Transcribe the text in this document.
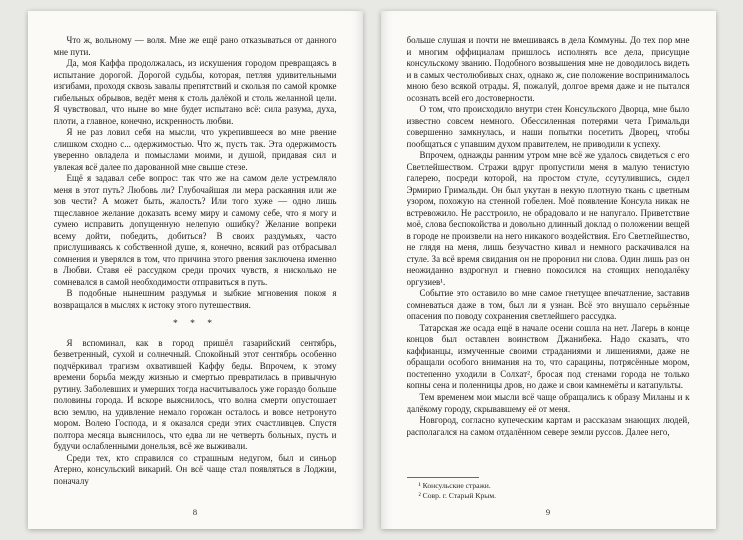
Что ж, вольному — воля. Мне же ещё рано отказываться от данного мне пути.

Да, моя Каффа продолжалась, из искушения городом превращаясь в испытание дорогой. Дорогой судьбы, которая, петляя удивительными изгибами, проходя сквозь завалы препятствий и скользя по самой кромке гибельных обрывов, ведёт меня к столь далёкой и столь желанной цели. Я чувствовал, что ныне во мне будет испытано всё: сила разума, духа, плоти, а главное, конечно, искренность любви.

Я не раз ловил себя на мысли, что укрепившееся во мне рвение слишком сходно с... одержимостью. Что ж, пусть так. Эта одержимость уверенно овладела и помыслами моими, и душой, придавая сил и увлекая всё далее по дарованной мне свыше стезе.

Ещё я задавал себе вопрос: так что же на самом деле устремляло меня в этот путь? Любовь ли? Глубочайшая ли мера раскаяния или же зов чести? А может быть, жалость? Или того хуже — одно лишь тщеславное желание доказать всему миру и самому себе, что я могу и сумею исправить допущенную нелепую ошибку? Желание вопреки всему дойти, победить, добиться? В своих раздумьях, часто прислушиваясь к собственной душе, я, конечно, всякий раз отбрасывал сомнения и уверялся в том, что причина этого рвения заключена именно в Любви. Ставя её рассудком среди прочих чувств, я нисколько не сомневался в самой необходимости отправиться в путь.

В подобные нынешним раздумья и зыбкие мгновения покоя я возвращался в мыслях к истоку этого путешествия.

* * *

Я вспоминал, как в город пришёл газарийский сентябрь, безветренный, сухой и солнечный. Спокойный этот сентябрь особенно подчёркивал трагизм охватившей Каффу беды. Впрочем, к этому времени борьба между жизнью и смертью превратилась в привычную рутину. Заболевших и умерших тогда насчитывалось уже гораздо больше половины города. И вскоре выяснилось, что волна смерти опустошает всю землю, на удивление немало горожан осталось и вовсе нетронуто мором. Волею Господа, и я оказался среди этих счастливцев. Спустя полтора месяца выяснилось, что едва ли не четверть больных, пусть и будучи ослабленными донельзя, всё же выживали.

Среди тех, кто справился со страшным недугом, был и синьор Атерно, консульский викарий. Он всё чаще стал появляться в Лоджии, поначалу

8

больше слушая и почти не вмешиваясь в дела Коммуны. До тех пор мне и многим оффициалам пришлось исполнять все дела, присущие консульскому званию. Подобного возвышения мне не доводилось видеть и в самых честолюбивых снах, однако ж, сие положение воспринималось мною безо всякой отрады. Я, пожалуй, долгое время даже и не пытался осознать всей его достоверности.

О том, что происходило внутри стен Консульского Дворца, мне было известно совсем немного. Обессиленная потерями чета Гримальди совершенно замкнулась, и наши попытки посетить Дворец, чтобы пообщаться с упавшим духом правителем, не приводили к успеху.

Впрочем, однажды ранним утром мне всё же удалось свидеться с его Светлейшеством. Стражи вдруг пропустили меня в малую тенистую галерею, посреди которой, на простом стуле, ссутулившись, сидел Эрмирио Гримальди. Он был укутан в некую плотную ткань с цветным узором, похожую на стенной гобелен. Моё появление Консула никак не встревожило. Не расстроило, не обрадовало и не напугало. Приветствие моё, слова беспокойства и довольно длинный доклад о положении вещей в городе не произвели на него никакого воздействия. Его Светлейшество, не глядя на меня, лишь безучастно кивал и немного раскачивался на стуле. За всё время свидания он не проронил ни слова. Один лишь раз он неожиданно вздрогнул и гневно покосился на стоящих неподалёку оргузиев¹.

Событие это оставило во мне самое гнетущее впечатление, заставив сомневаться даже в том, был ли я узнан. Всё это внушало серьёзные опасения по поводу сохранения светлейшего рассудка.

Татарская же осада ещё в начале осени сошла на нет. Лагерь в конце концов был оставлен воинством Джанибека. Надо сказать, что каффианцы, измученные своими страданиями и лишениями, даже не обращали особого внимания на то, что сарацины, потрясённые мором, постепенно уходили в Солхат², бросая под стенами города не только копны сена и поленницы дров, но даже и свои камнемёты и катапульты.

Тем временем мои мысли всё чаще обращались к образу Миланы и к далёкому городу, скрывавшему её от меня.

Новгород, согласно купеческим картам и рассказам знающих людей, располагался на самом отдалённом севере земли руссов. Далее него,

¹ Консульские стражи.
² Совр. г. Старый Крым.
9
